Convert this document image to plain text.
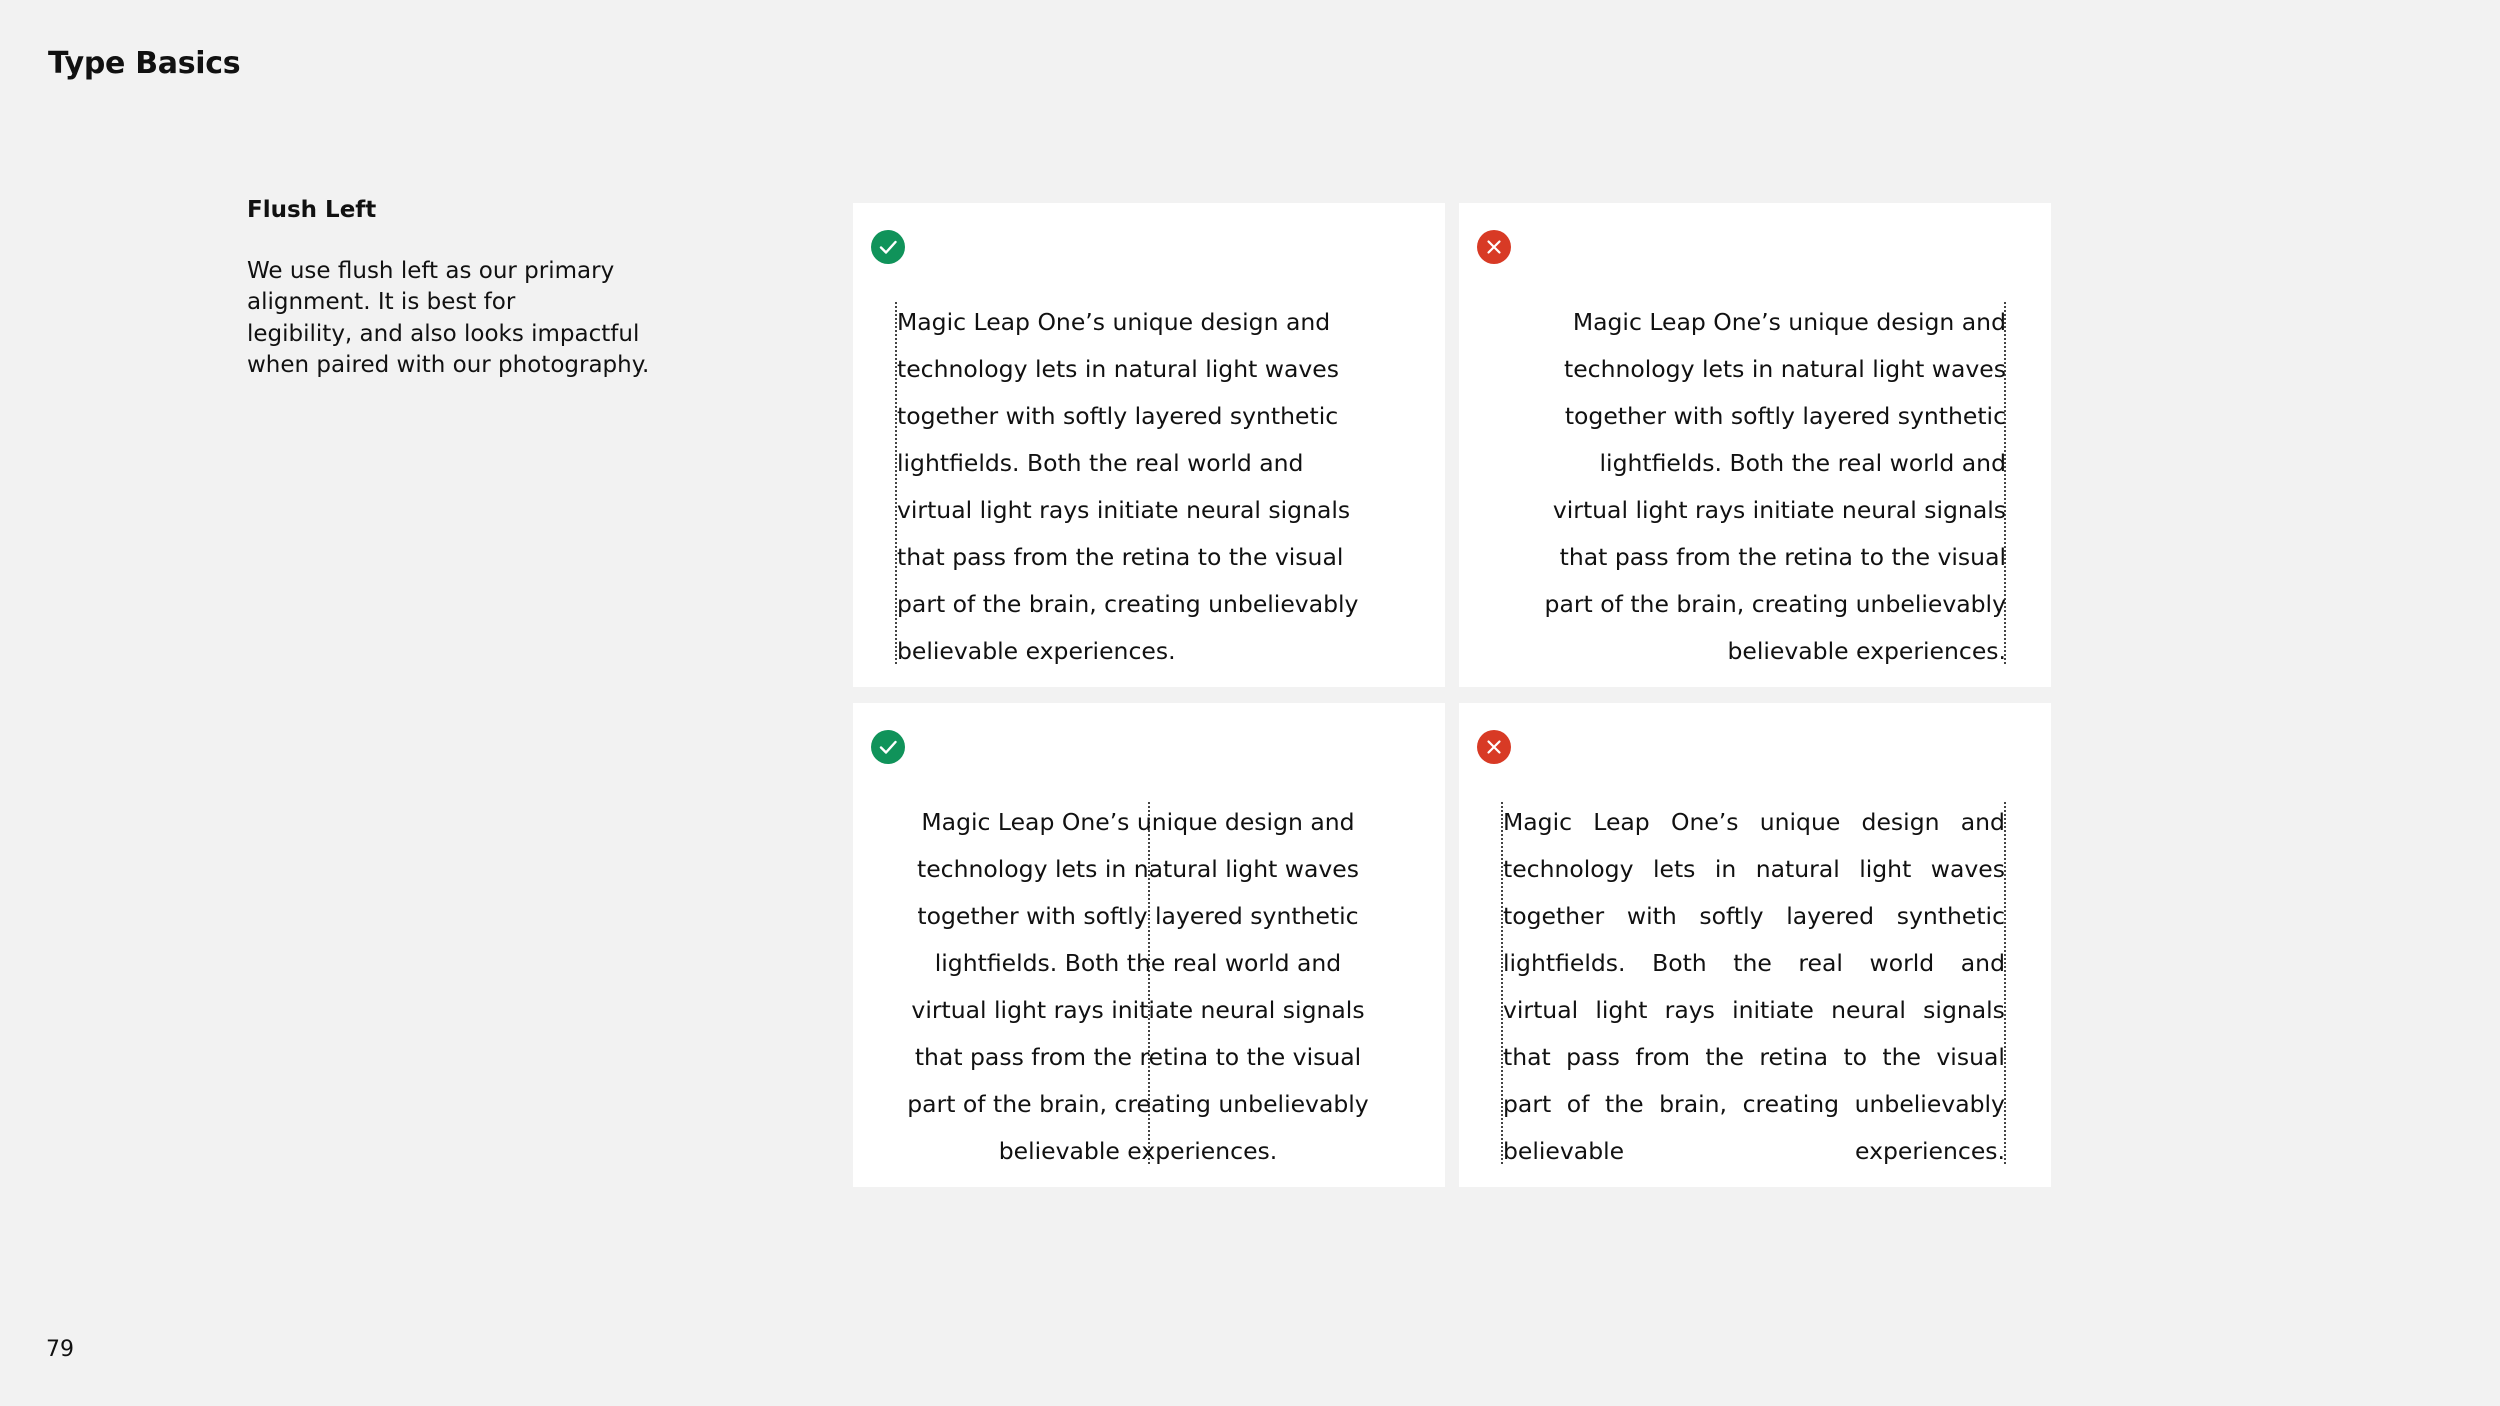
Type Basics
Flush Left
We use flush left as our primary
alignment. It is best for
legibility, and also looks impactful
when paired with our photography.
Magic Leap One’s unique design and
technology lets in natural light waves
together with softly layered synthetic
lightfields. Both the real world and
virtual light rays initiate neural signals
that pass from the retina to the visual
part of the brain, creating unbelievably
believable experiences.
Magic Leap One’s unique design and
technology lets in natural light waves
together with softly layered synthetic
lightfields. Both the real world and
virtual light rays initiate neural signals
that pass from the retina to the visual
part of the brain, creating unbelievably
believable experiences.
Magic Leap One’s unique design and
technology lets in natural light waves
together with softly layered synthetic
lightfields. Both the real world and
virtual light rays initiate neural signals
that pass from the retina to the visual
part of the brain, creating unbelievably
believable experiences.
Magic Leap One’s unique design and
technology lets in natural light waves
together with softly layered synthetic
lightfields. Both the real world and
virtual light rays initiate neural signals
that pass from the retina to the visual
part of the brain, creating unbelievably
believable	experiences.
79
